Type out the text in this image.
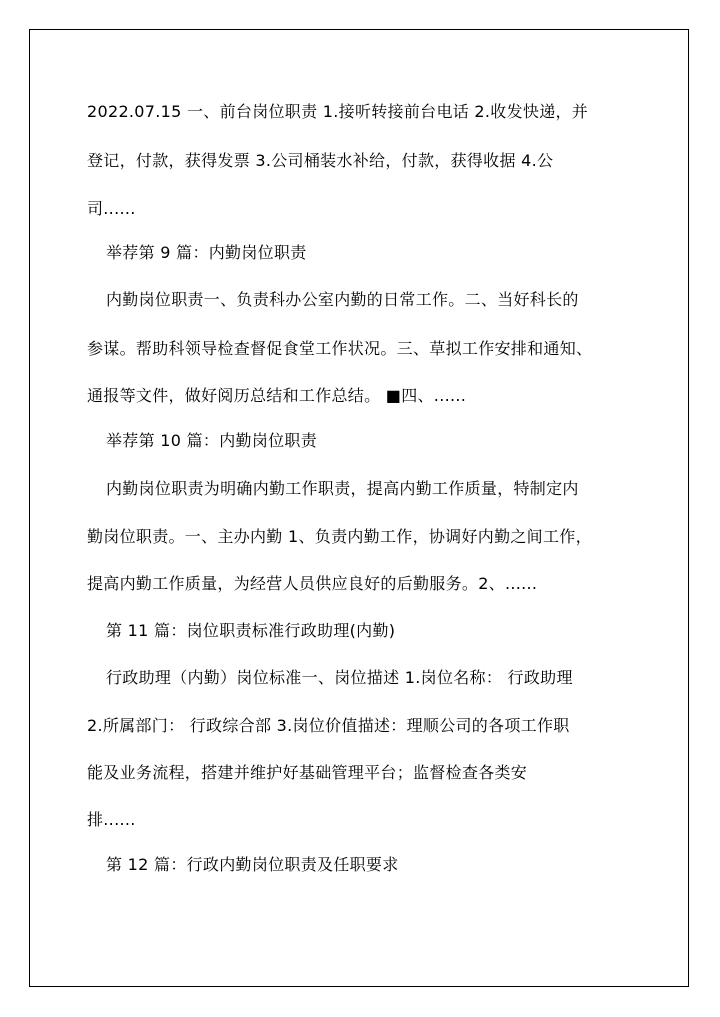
2022.07.15 一、前台岗位职责 1.接听转接前台电话 2.收发快递，并
登记，付款，获得发票 3.公司桶装水补给，付款，获得收据 4.公
司......
举荐第 9 篇：内勤岗位职责
内勤岗位职责一、负责科办公室内勤的日常工作。二、当好科长的
参谋。帮助科领导检查督促食堂工作状况。三、草拟工作安排和通知、
通报等文件，做好阅历总结和工作总结。 ■四、......
举荐第 10 篇：内勤岗位职责
内勤岗位职责为明确内勤工作职责，提高内勤工作质量，特制定内
勤岗位职责。一、主办内勤 1、负责内勤工作，协调好内勤之间工作，
提高内勤工作质量，为经营人员供应良好的后勤服务。2、......
第 11 篇：岗位职责标准行政助理(内勤)
行政助理（内勤）岗位标准一、岗位描述 1.岗位名称： 行政助理
2.所属部门： 行政综合部 3.岗位价值描述：理顺公司的各项工作职
能及业务流程，搭建并维护好基础管理平台；监督检查各类安
排......
第 12 篇：行政内勤岗位职责及任职要求
